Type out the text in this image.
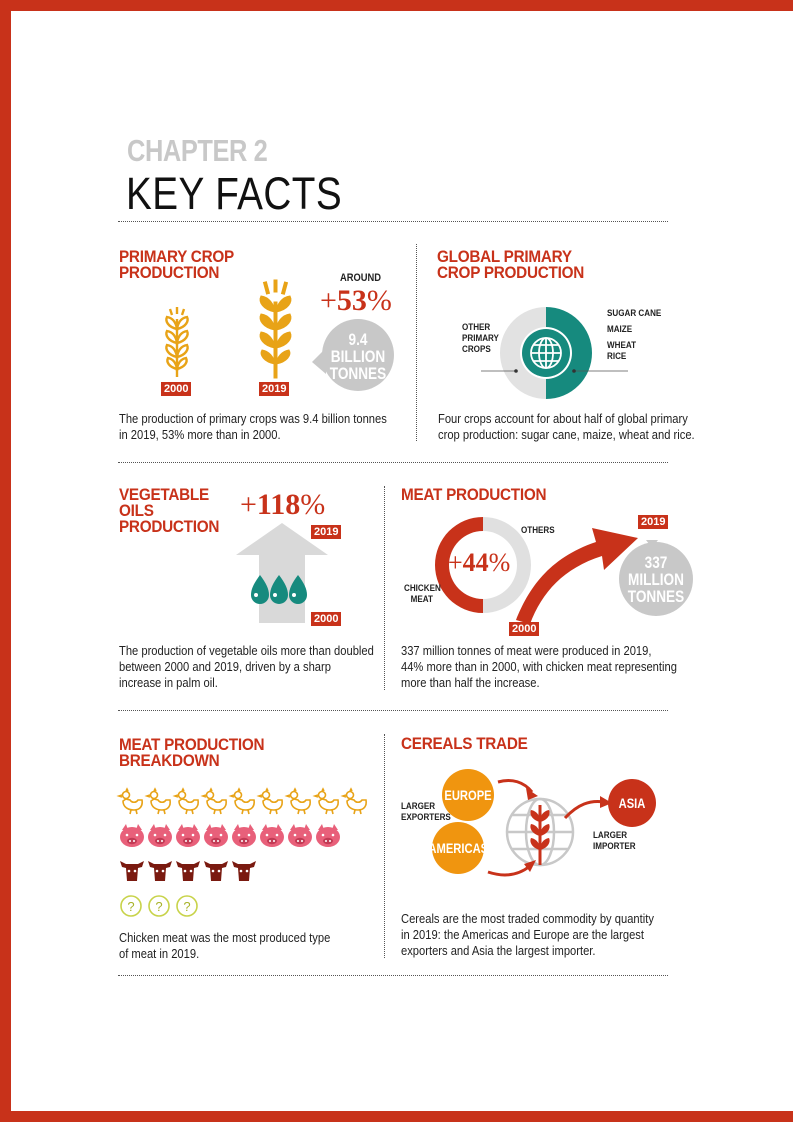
CHAPTER 2
KEY FACTS
PRIMARY CROP
PRODUCTION
2000	2019
AROUND
+53%
9.4
BILLION
TONNES
The production of primary crops was 9.4 billion tonnes
in 2019, 53% more than in 2000.
GLOBAL PRIMARY
CROP PRODUCTION
OTHER
PRIMARY
CROPS
SUGAR CANE
MAIZE
WHEAT
RICE
Four crops account for about half of global primary
crop production: sugar cane, maize, wheat and rice.
VEGETABLE
OILS
PRODUCTION
+118%
2019
2000
The production of vegetable oils more than doubled
between 2000 and 2019, driven by a sharp
increase in palm oil.
MEAT PRODUCTION
OTHERS
CHICKEN
MEAT
+44%
2000
2019
337
MILLION
TONNES
337 million tonnes of meat were produced in 2019,
44% more than in 2000, with chicken meat representing
more than half the increase.
MEAT PRODUCTION
BREAKDOWN
? ? ?
Chicken meat was the most produced type
of meat in 2019.
CEREALS TRADE
EUROPE
AMERICAS
ASIA
LARGER
EXPORTERS
LARGER
IMPORTER
Cereals are the most traded commodity by quantity
in 2019: the Americas and Europe are the largest
exporters and Asia the largest importer.
